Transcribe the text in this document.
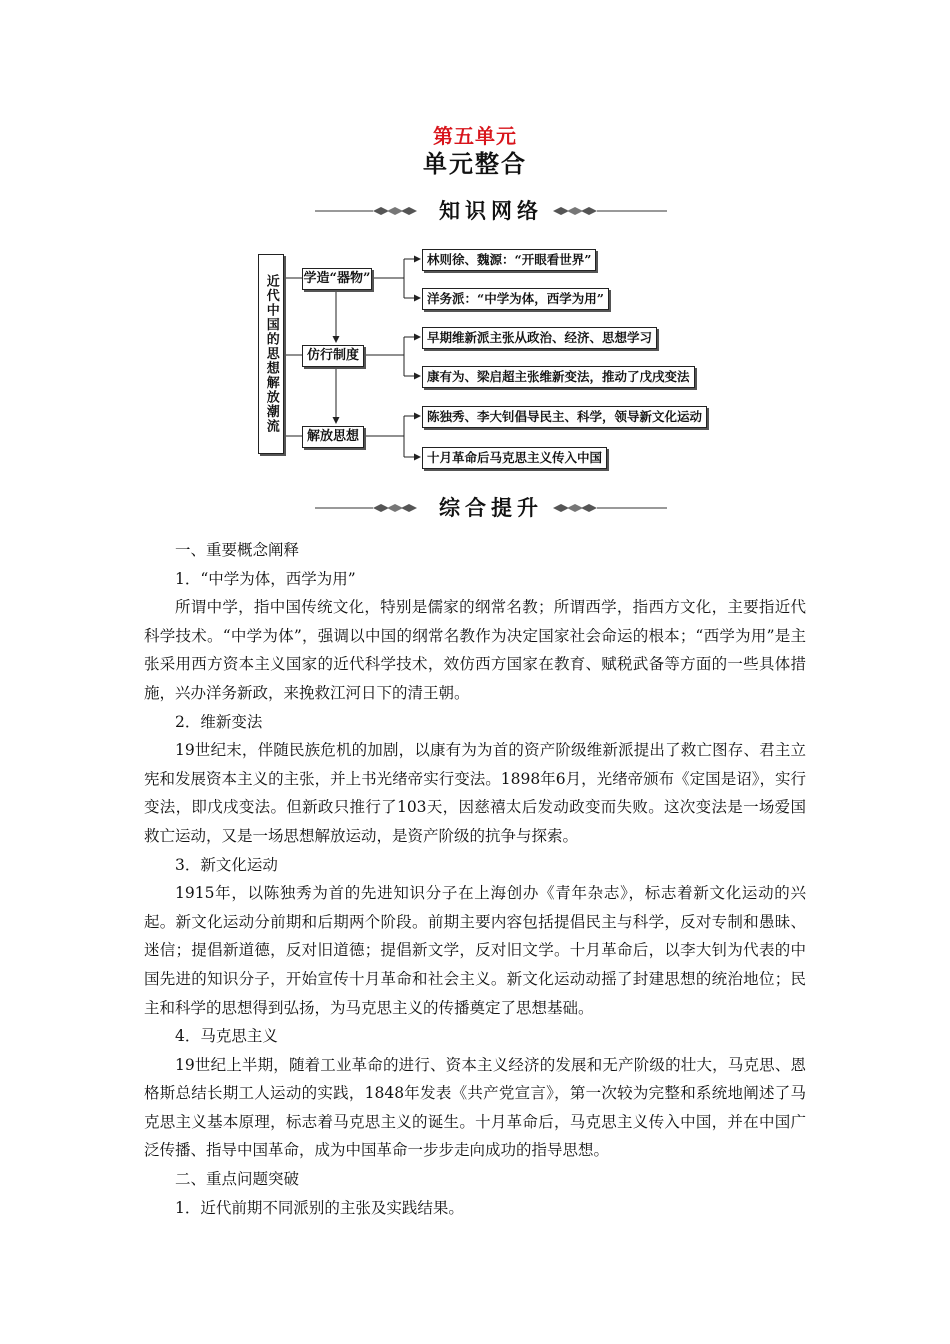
第五单元
单元整合
知识网络
近代中国的思想解放潮流	学造“器物”
仿行制度
解放思想
林则徐、魏源：“开眼看世界”
洋务派：“中学为体，西学为用”
早期维新派主张从政治、经济、思想学习
康有为、梁启超主张维新变法，推动了戊戌变法
陈独秀、李大钊倡导民主、科学，领导新文化运动
十月革命后马克思主义传入中国
综合提升

一、重要概念阐释

1．“中学为体，西学为用”

所谓中学，指中国传统文化，特别是儒家的纲常名教；所谓西学，指西方文化，主要指近代科学技术。“中学为体”，强调以中国的纲常名教作为决定国家社会命运的根本；“西学为用”是主张采用西方资本主义国家的近代科学技术，效仿西方国家在教育、赋税武备等方面的一些具体措施，兴办洋务新政，来挽救江河日下的清王朝。

2．维新变法

19世纪末，伴随民族危机的加剧，以康有为为首的资产阶级维新派提出了救亡图存、君主立宪和发展资本主义的主张，并上书光绪帝实行变法。1898年6月，光绪帝颁布《定国是诏》，实行变法，即戊戌变法。但新政只推行了103天，因慈禧太后发动政变而失败。这次变法是一场爱国救亡运动，又是一场思想解放运动，是资产阶级的抗争与探索。

3．新文化运动

1915年，以陈独秀为首的先进知识分子在上海创办《青年杂志》，标志着新文化运动的兴起。新文化运动分前期和后期两个阶段。前期主要内容包括提倡民主与科学，反对专制和愚昧、迷信；提倡新道德，反对旧道德；提倡新文学，反对旧文学。十月革命后，以李大钊为代表的中国先进的知识分子，开始宣传十月革命和社会主义。新文化运动动摇了封建思想的统治地位；民主和科学的思想得到弘扬，为马克思主义的传播奠定了思想基础。

4．马克思主义

19世纪上半期，随着工业革命的进行、资本主义经济的发展和无产阶级的壮大，马克思、恩格斯总结长期工人运动的实践，1848年发表《共产党宣言》，第一次较为完整和系统地阐述了马克思主义基本原理，标志着马克思主义的诞生。十月革命后，马克思主义传入中国，并在中国广泛传播、指导中国革命，成为中国革命一步步走向成功的指导思想。

二、重点问题突破

1．近代前期不同派别的主张及实践结果。
